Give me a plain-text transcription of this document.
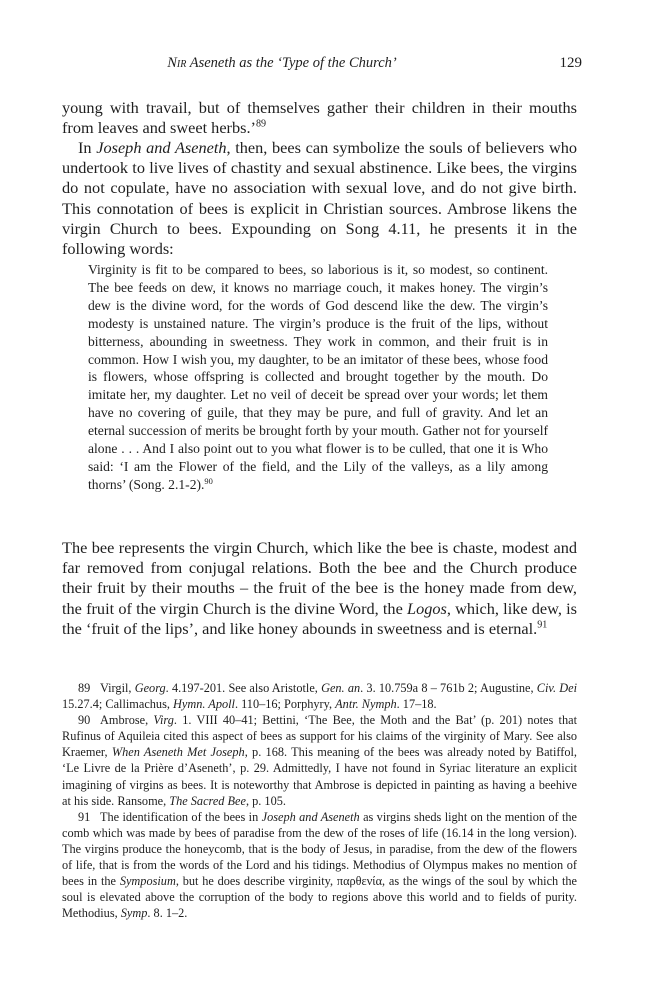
Nir Aseneth as the ‘Type of the Church’	129

young with travail, but of themselves gather their children in their mouths from leaves and sweet herbs.’$^{89}$

In Joseph and Aseneth, then, bees can symbolize the souls of believers who undertook to live lives of chastity and sexual abstinence. Like bees, the virgins do not copulate, have no association with sexual love, and do not give birth. This connotation of bees is explicit in Christian sources. Ambrose likens the virgin Church to bees. Expounding on Song 4.11, he presents it in the following words:

Virginity is fit to be compared to bees, so laborious is it, so modest, so continent. The bee feeds on dew, it knows no marriage couch, it makes honey. The virgin’s dew is the divine word, for the words of God descend like the dew. The virgin’s modesty is unstained nature. The virgin’s produce is the fruit of the lips, without bitterness, abounding in sweetness. They work in common, and their fruit is in common. How I wish you, my daughter, to be an imitator of these bees, whose food is flowers, whose offspring is collected and brought together by the mouth. Do imitate her, my daughter. Let no veil of deceit be spread over your words; let them have no covering of guile, that they may be pure, and full of gravity. And let an eternal succession of merits be brought forth by your mouth. Gather not for yourself alone . . . And I also point out to you what flower is to be culled, that one it is Who said: ‘I am the Flower of the field, and the Lily of the valleys, as a lily among thorns’ (Song. 2.1-2).$^{90}$

The bee represents the virgin Church, which like the bee is chaste, modest and far removed from conjugal relations. Both the bee and the Church produce their fruit by their mouths – the fruit of the bee is the honey made from dew, the fruit of the virgin Church is the divine Word, the Logos, which, like dew, is the ‘fruit of the lips’, and like honey abounds in sweetness and is eternal.$^{91}$

89 Virgil, Georg. 4.197-201. See also Aristotle, Gen. an. 3. 10.759a 8 – 761b 2; Augustine, Civ. Dei 15.27.4; Callimachus, Hymn. Apoll. 110–16; Porphyry, Antr. Nymph. 17–18.

90 Ambrose, Virg. 1. VIII 40–41; Bettini, ‘The Bee, the Moth and the Bat’ (p. 201) notes that Rufinus of Aquileia cited this aspect of bees as support for his claims of the virginity of Mary. See also Kraemer, When Aseneth Met Joseph, p. 168. This meaning of the bees was already noted by Batiffol, ‘Le Livre de la Prière d’Aseneth’, p. 29. Admittedly, I have not found in Syriac literature an explicit imagining of virgins as bees. It is noteworthy that Ambrose is depicted in painting as having a beehive at his side. Ransome, The Sacred Bee, p. 105.

91 The identification of the bees in Joseph and Aseneth as virgins sheds light on the mention of the comb which was made by bees of paradise from the dew of the roses of life (16.14 in the long version). The virgins produce the honeycomb, that is the body of Jesus, in paradise, from the dew of the flowers of life, that is from the words of the Lord and his tidings. Methodius of Olympus makes no mention of bees in the Symposium, but he does describe virginity, παρθενία, as the wings of the soul by which the soul is elevated above the corruption of the body to regions above this world and to fields of purity. Methodius, Symp. 8. 1–2.
